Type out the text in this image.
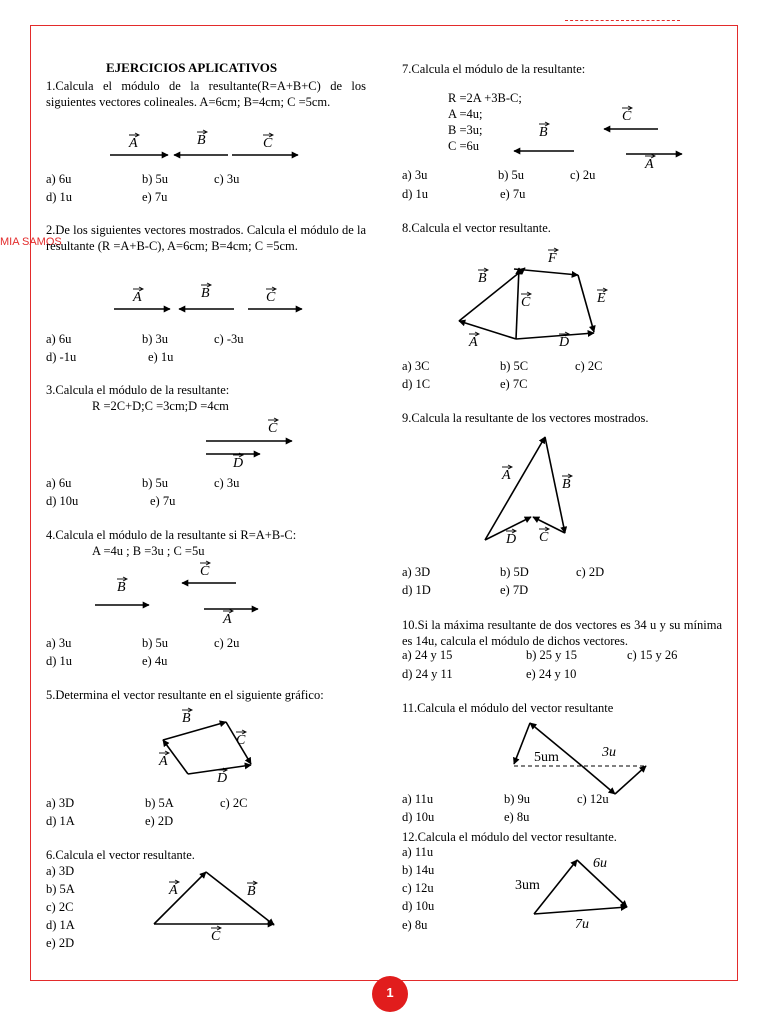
MIA SAMOS
EJERCICIOS APLICATIVOS
1.Calcula el módulo de la resultante(R=A+B+C) de los siguientes vectores colineales. A=6cm; B=4cm; C =5cm.
a) 6u	b) 5u	c) 3u
d) 1u	e) 7u
2.De los siguientes vectores mostrados. Calcula el módulo de la resultante (R =A+B-C), A=6cm; B=4cm; C =5cm.
a) 6u	b) 3u	c) -3u
d) -1u	e) 1u
3.Calcula el módulo de la resultante:
R =2C+D;C =3cm;D =4cm
a) 6u	b) 5u	c) 3u
d) 10u	e) 7u
4.Calcula el módulo de la resultante si R=A+B-C:
A =4u ; B =3u ; C =5u
a) 3u	b) 5u	c) 2u
d) 1u	e) 4u
5.Determina el vector resultante en el siguiente gráfico:
a) 3D	b) 5A	c) 2C
d) 1A	e) 2D
6.Calcula el vector resultante.
a) 3D
b) 5A
c) 2C
d) 1A
e) 2D
7.Calcula el módulo de la resultante:
R =2A +3B-C;
A =4u;
B =3u;
C =6u
a) 3u	b) 5u	c) 2u
d) 1u	e) 7u
8.Calcula el vector resultante.
a) 3C	b) 5C	c) 2C
d) 1C	e) 7C
9.Calcula la resultante de los vectores mostrados.
a) 3D	b) 5D	c) 2D
d) 1D	e) 7D
10.Si la máxima resultante de dos vectores es 34 u y su mínima es 14u, calcula el módulo de dichos vectores.
a) 24 y 15	b) 25 y 15	c) 15 y 26
d) 24 y 11	e) 24 y 10
11.Calcula el módulo del vector resultante
a) 11u	b) 9u	c) 12u
d) 10u	e) 8u
12.Calcula el módulo del vector resultante.
a) 11u
b) 14u
c) 12u
d) 10u
e) 8u
A	B	C
A	B	C
C
D
C
B
A
B
C
A
D
A	B
C
C
B
A
F
B
C	E
A	D
A
B
D C
5um	3u
3um
6u
7u
1
